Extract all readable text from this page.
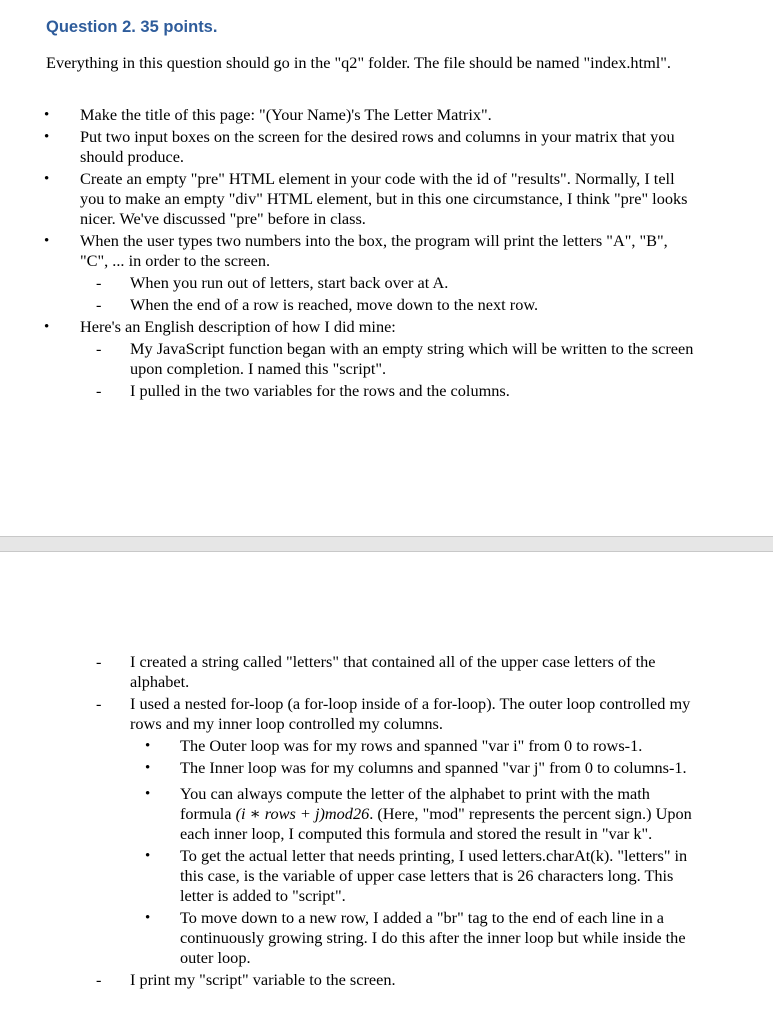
Question 2. 35 points.

Everything in this question should go in the "q2" folder. The file should be named "index.html".

• Make the title of this page: "(Your Name)'s The Letter Matrix".
• Put two input boxes on the screen for the desired rows and columns in your matrix that you should produce.
• Create an empty "pre" HTML element in your code with the id of "results". Normally, I tell you to make an empty "div" HTML element, but in this one circumstance, I think "pre" looks nicer. We've discussed "pre" before in class.
• When the user types two numbers into the box, the program will print the letters "A", "B", "C", ... in order to the screen.
- When you run out of letters, start back over at A.
- When the end of a row is reached, move down to the next row.
• Here's an English description of how I did mine:
- My JavaScript function began with an empty string which will be written to the screen upon completion. I named this "script".
- I pulled in the two variables for the rows and the columns.
- I created a string called "letters" that contained all of the upper case letters of the alphabet.
- I used a nested for-loop (a for-loop inside of a for-loop). The outer loop controlled my rows and my inner loop controlled my columns.
• The Outer loop was for my rows and spanned "var i" from 0 to rows-1.
• The Inner loop was for my columns and spanned "var j" from 0 to columns-1.
• You can always compute the letter of the alphabet to print with the math formula (i ∗ rows + j)mod26. (Here, "mod" represents the percent sign.) Upon each inner loop, I computed this formula and stored the result in "var k".
• To get the actual letter that needs printing, I used letters.charAt(k). "letters" in this case, is the variable of upper case letters that is 26 characters long. This letter is added to "script".
• To move down to a new row, I added a "br" tag to the end of each line in a continuously growing string. I do this after the inner loop but while inside the outer loop.
- I print my "script" variable to the screen.
